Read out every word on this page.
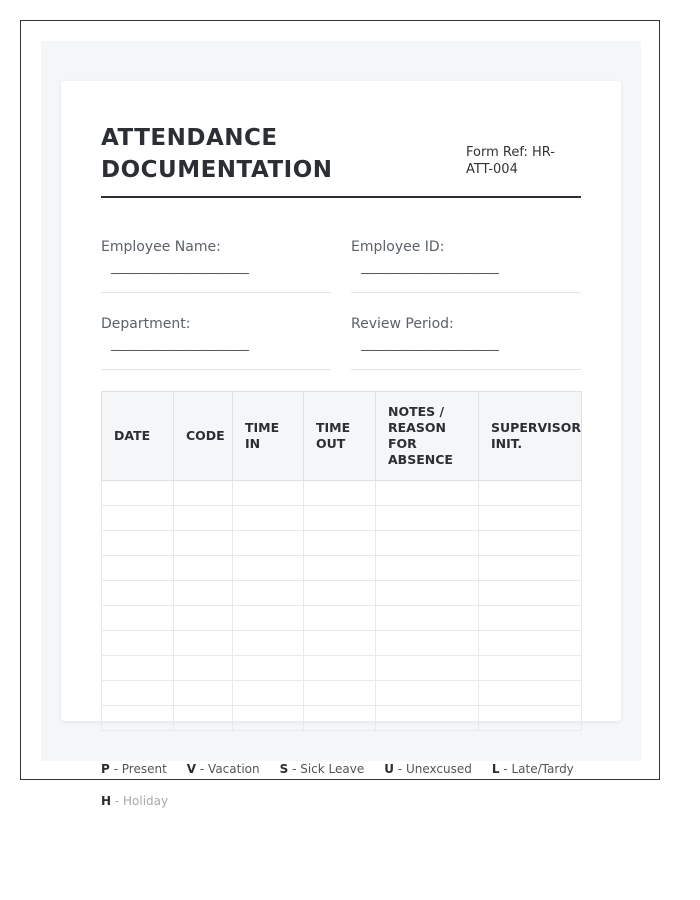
ATTENDANCE DOCUMENTATION
Form Ref: HR-ATT-004
Employee Name:
_________________________
Employee ID:
_________________________
Department:
_________________________
Review Period:
_________________________
DATE	CODE	TIME IN	TIME OUT	NOTES / REASON FOR ABSENCE	SUPERVISOR INIT.

P - Present V - Vacation S - Sick Leave U - Unexcused L - Late/Tardy
H - Holiday
